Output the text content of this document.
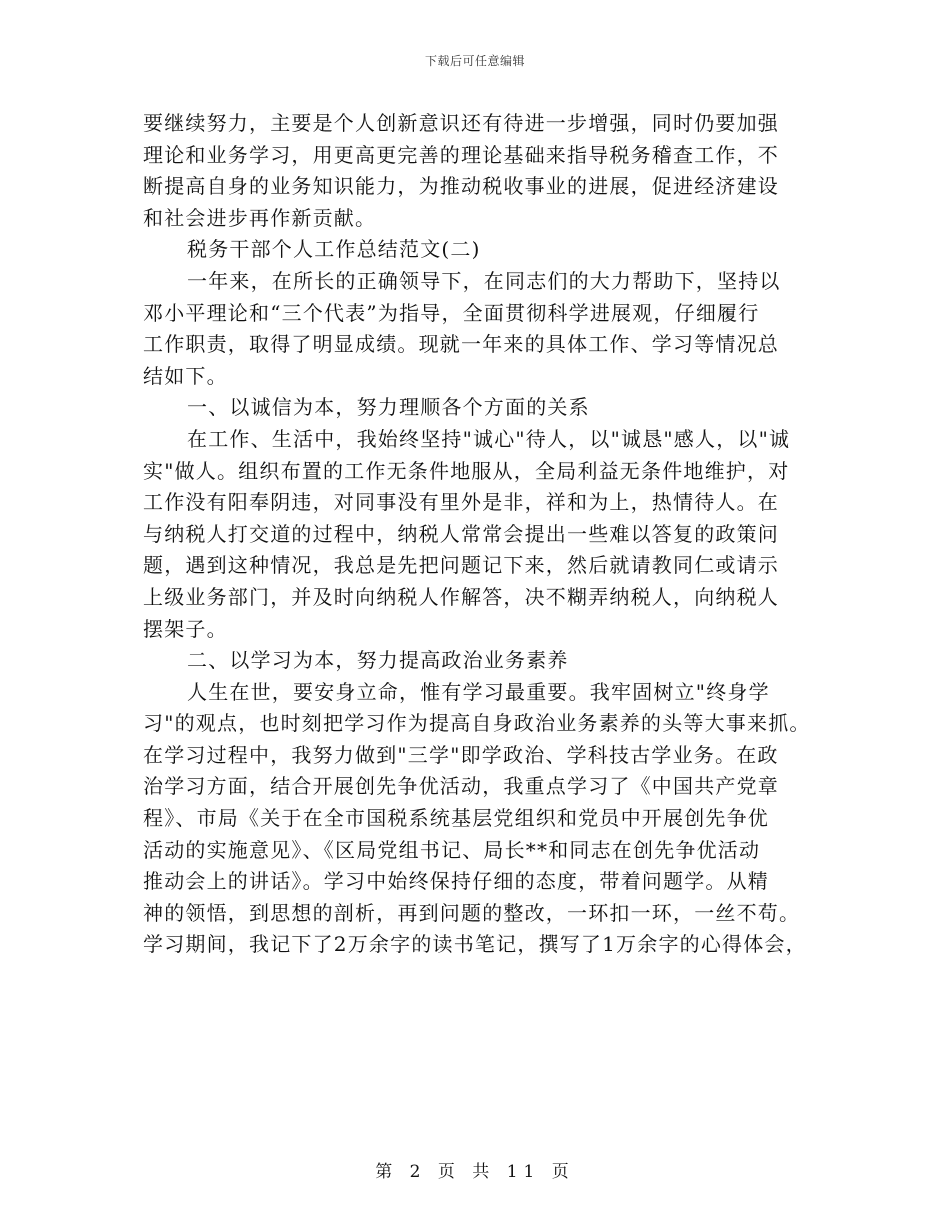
下载后可任意编辑
要继续努力，主要是个人创新意识还有待进一步增强，同时仍要加强
理论和业务学习，用更高更完善的理论基础来指导税务稽查工作，不
断提高自身的业务知识能力，为推动税收事业的进展，促进经济建设
和社会进步再作新贡献。
税务干部个人工作总结范文(二)
一年来，在所长的正确领导下，在同志们的大力帮助下，坚持以
邓小平理论和“三个代表”为指导，全面贯彻科学进展观，仔细履行
工作职责，取得了明显成绩。现就一年来的具体工作、学习等情况总
结如下。
一、以诚信为本，努力理顺各个方面的关系
在工作、生活中，我始终坚持"诚心"待人，以"诚恳"感人，以"诚
实"做人。组织布置的工作无条件地服从，全局利益无条件地维护，对
工作没有阳奉阴违，对同事没有里外是非，祥和为上，热情待人。在
与纳税人打交道的过程中，纳税人常常会提出一些难以答复的政策问
题，遇到这种情况，我总是先把问题记下来，然后就请教同仁或请示
上级业务部门，并及时向纳税人作解答，决不糊弄纳税人，向纳税人
摆架子。
二、以学习为本，努力提高政治业务素养
人生在世，要安身立命，惟有学习最重要。我牢固树立"终身学
习"的观点，也时刻把学习作为提高自身政治业务素养的头等大事来抓。
在学习过程中，我努力做到"三学"即学政治、学科技古学业务。在政
治学习方面，结合开展创先争优活动，我重点学习了《中国共产党章
程》、市局《关于在全市国税系统基层党组织和党员中开展创先争优
活动的实施意见》、《区局党组书记、局长**和同志在创先争优活动
推动会上的讲话》。学习中始终保持仔细的态度，带着问题学。从精
神的领悟，到思想的剖析，再到问题的整改，一环扣一环，一丝不苟。
学习期间，我记下了2万余字的读书笔记，撰写了1万余字的心得体会，
第 2 页 共 11 页
